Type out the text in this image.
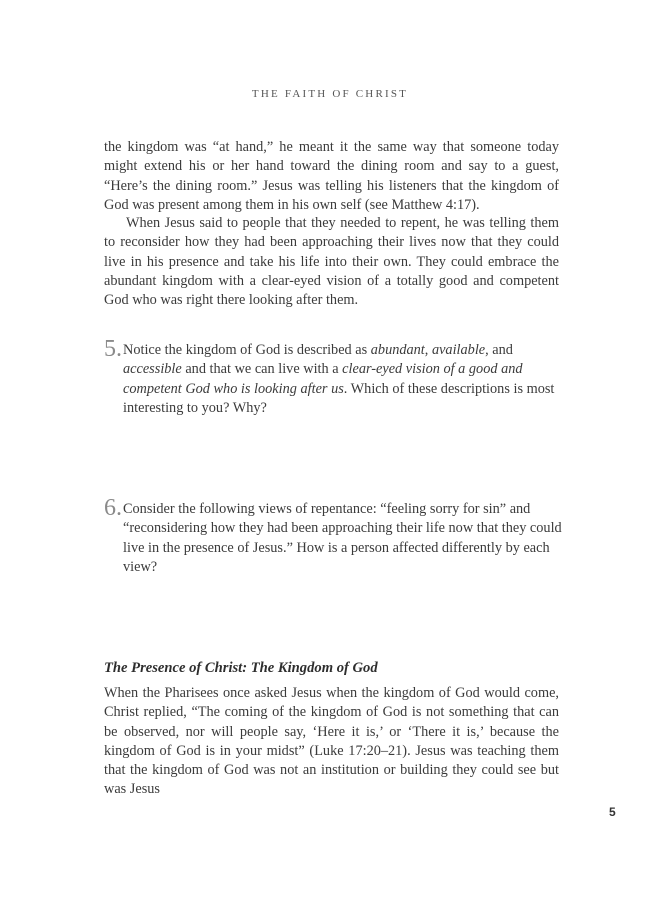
THE FAITH OF CHRIST

the kingdom was “at hand,” he meant it the same way that someone today might extend his or her hand toward the dining room and say to a guest, “Here’s the dining room.” Jesus was telling his listeners that the kingdom of God was present among them in his own self (see Matthew 4:17).

When Jesus said to people that they needed to repent, he was telling them to reconsider how they had been approaching their lives now that they could live in his presence and take his life into their own. They could embrace the abundant kingdom with a clear-eyed vision of a totally good and competent God who was right there looking after them.

5. Notice the kingdom of God is described as abundant, available, and accessible and that we can live with a clear-eyed vision of a good and competent God who is looking after us. Which of these descriptions is most interesting to you? Why?
6. Consider the following views of repentance: “feeling sorry for sin” and “reconsidering how they had been approaching their life now that they could live in the presence of Jesus.” How is a person affected differently by each view?
The Presence of Christ: The Kingdom of God

When the Pharisees once asked Jesus when the kingdom of God would come, Christ replied, “The coming of the kingdom of God is not something that can be observed, nor will people say, ‘Here it is,’ or ‘There it is,’ because the kingdom of God is in your midst” (Luke 17:20–21). Jesus was teaching them that the kingdom of God was not an institution or building they could see but was Jesus

5
